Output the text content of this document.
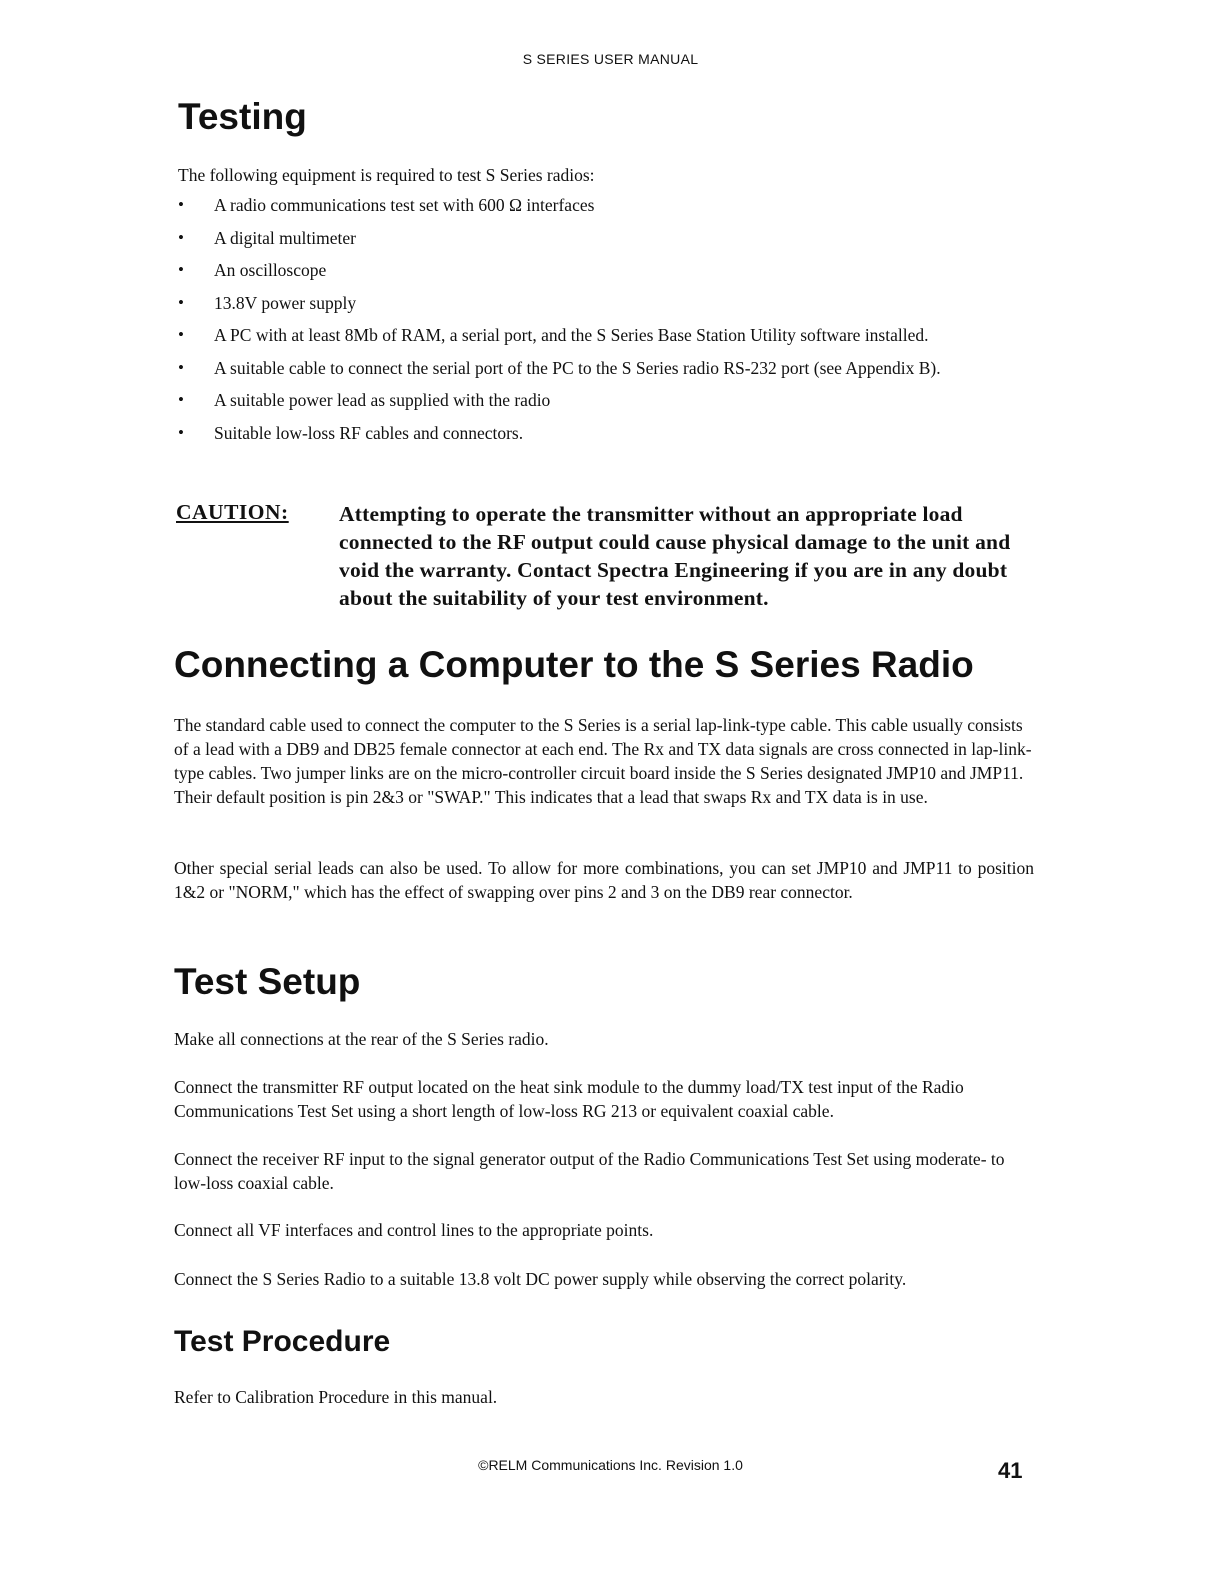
S SERIES USER MANUAL
Testing

The following equipment is required to test S Series radios:

• A radio communications test set with 600 Ω interfaces
• A digital multimeter
• An oscilloscope
• 13.8V power supply
• A PC with at least 8Mb of RAM, a serial port, and the S Series Base Station Utility software installed.
• A suitable cable to connect the serial port of the PC to the S Series radio RS-232 port (see Appendix B).
• A suitable power lead as supplied with the radio
• Suitable low-loss RF cables and connectors.
CAUTION: Attempting to operate the transmitter without an appropriate load connected to the RF output could cause physical damage to the unit and void the warranty. Contact Spectra Engineering if you are in any doubt about the suitability of your test environment.

Connecting a Computer to the S Series Radio

The standard cable used to connect the computer to the S Series is a serial lap-link-type cable. This cable usually consists of a lead with a DB9 and DB25 female connector at each end. The Rx and TX data signals are cross connected in lap-link-type cables. Two jumper links are on the micro-controller circuit board inside the S Series designated JMP10 and JMP11. Their default position is pin 2&3 or "SWAP." This indicates that a lead that swaps Rx and TX data is in use.

Other special serial leads can also be used. To allow for more combinations, you can set JMP10 and JMP11 to position 1&2 or "NORM," which has the effect of swapping over pins 2 and 3 on the DB9 rear connector.

Test Setup

Make all connections at the rear of the S Series radio.

Connect the transmitter RF output located on the heat sink module to the dummy load/TX test input of the Radio Communications Test Set using a short length of low-loss RG 213 or equivalent coaxial cable.

Connect the receiver RF input to the signal generator output of the Radio Communications Test Set using moderate- to low-loss coaxial cable.

Connect all VF interfaces and control lines to the appropriate points.

Connect the S Series Radio to a suitable 13.8 volt DC power supply while observing the correct polarity.

Test Procedure

Refer to Calibration Procedure in this manual.

©RELM Communications Inc. Revision 1.0	41
